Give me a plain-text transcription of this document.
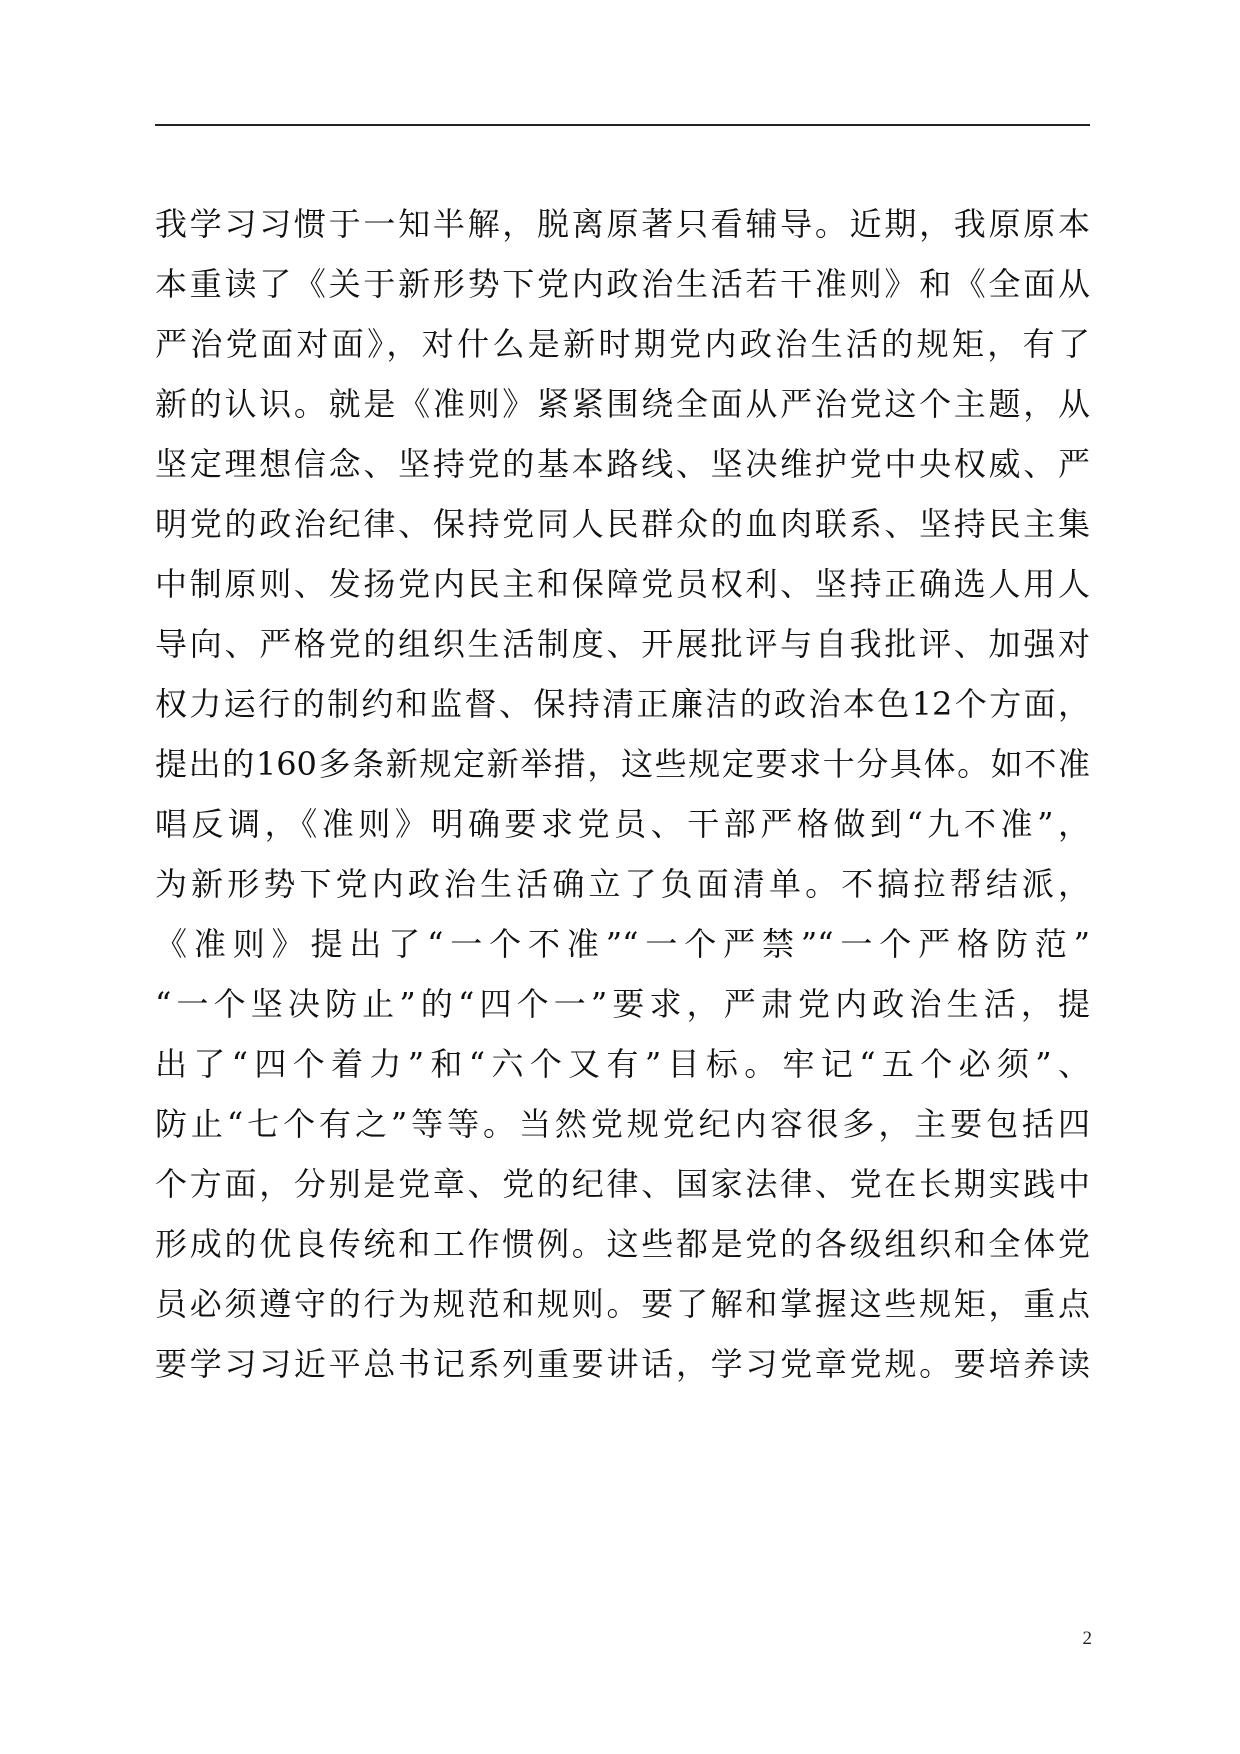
我学习习惯于一知半解，脱离原著只看辅导。近期，我原原本
本重读了《关于新形势下党内政治生活若干准则》和《全面从
严治党面对面》，对什么是新时期党内政治生活的规矩，有了
新的认识。就是《准则》紧紧围绕全面从严治党这个主题，从
坚定理想信念、坚持党的基本路线、坚决维护党中央权威、严
明党的政治纪律、保持党同人民群众的血肉联系、坚持民主集
中制原则、发扬党内民主和保障党员权利、坚持正确选人用人
导向、严格党的组织生活制度、开展批评与自我批评、加强对
权力运行的制约和监督、保持清正廉洁的政治本色12个方面，
提出的160多条新规定新举措，这些规定要求十分具体。如不准
唱反调，《准则》明确要求党员、干部严格做到“九不准”，
为新形势下党内政治生活确立了负面清单。不搞拉帮结派，
《准则》提出了“一个不准”“一个严禁”“一个严格防范”
“一个坚决防止”的“四个一”要求，严肃党内政治生活，提
出了“四个着力”和“六个又有”目标。牢记“五个必须”、
防止“七个有之”等等。当然党规党纪内容很多，主要包括四
个方面，分别是党章、党的纪律、国家法律、党在长期实践中
形成的优良传统和工作惯例。这些都是党的各级组织和全体党
员必须遵守的行为规范和规则。要了解和掌握这些规矩，重点
要学习习近平总书记系列重要讲话，学习党章党规。要培养读
2
